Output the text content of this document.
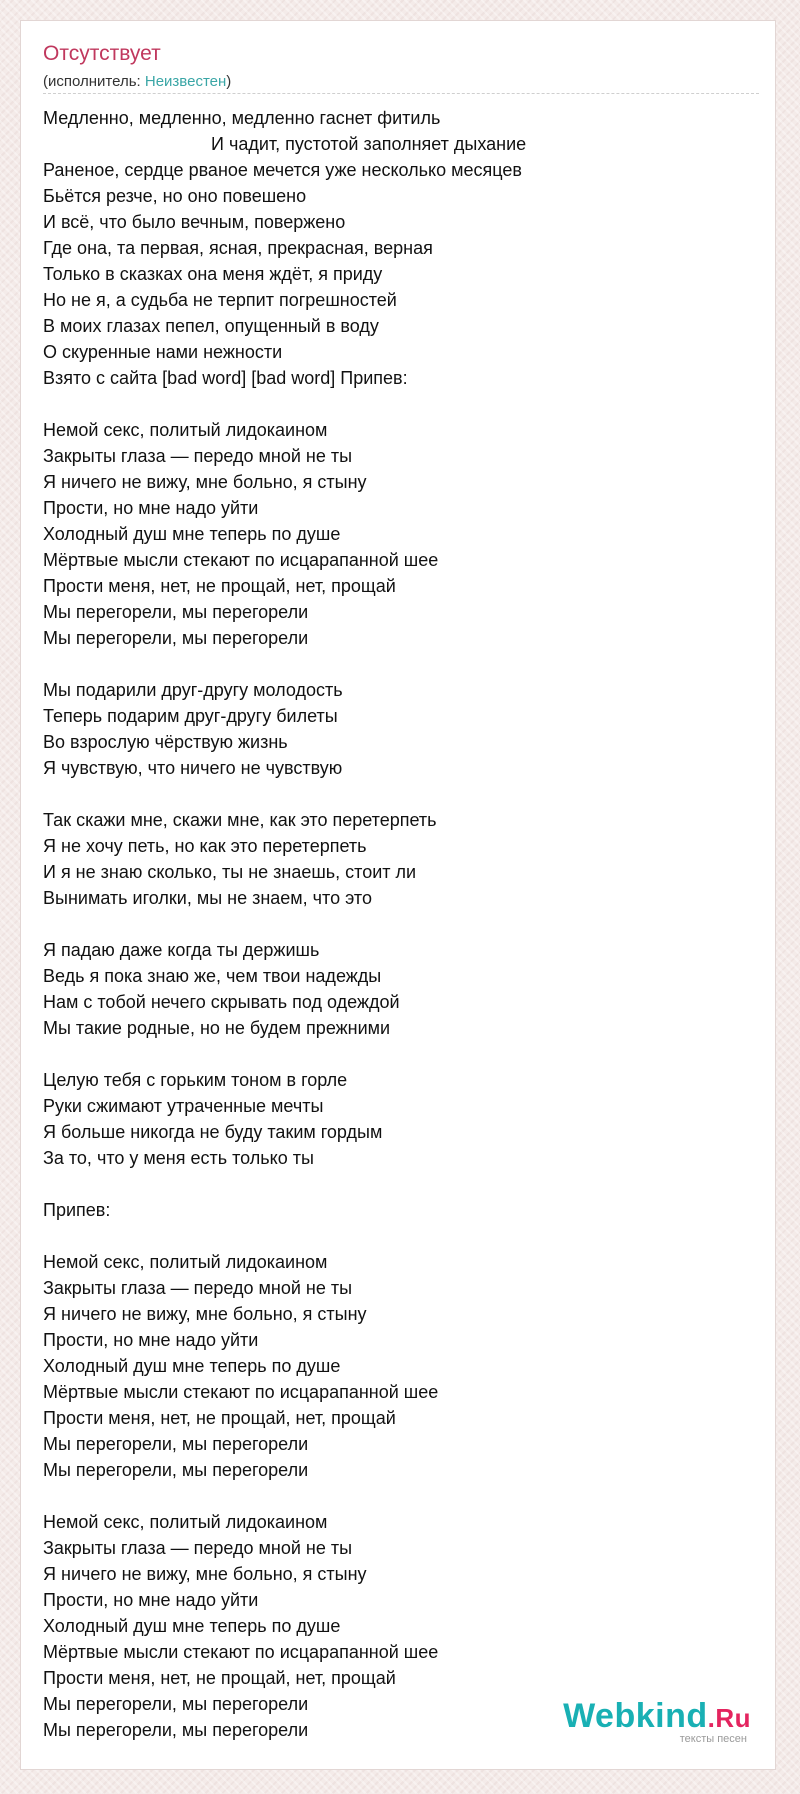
Отсутствует
(исполнитель: Неизвестен)
Медленно, медленно, медленно гаснет фитиль
И чадит, пустотой заполняет дыхание
Раненое, сердце рваное мечется уже несколько месяцев
Бьётся резче, но оно повешено
И всё, что было вечным, повержено
Где она, та первая, ясная, прекрасная, верная
Только в сказках она меня ждёт, я приду
Но не я, а судьба не терпит погрешностей
В моих глазах пепел, опущенный в воду
О скуренные нами нежности
Взято с сайта [bad word] [bad word] Припев:
Немой секс, политый лидокаином
Закрыты глаза — передо мной не ты
Я ничего не вижу, мне больно, я стыну
Прости, но мне надо уйти
Холодный душ мне теперь по душе
Мёртвые мысли стекают по исцарапанной шее
Прости меня, нет, не прощай, нет, прощай
Мы перегорели, мы перегорели
Мы перегорели, мы перегорели
Мы подарили друг-другу молодость
Теперь подарим друг-другу билеты
Во взрослую чёрствую жизнь
Я чувствую, что ничего не чувствую
Так скажи мне, скажи мне, как это перетерпеть
Я не хочу петь, но как это перетерпеть
И я не знаю сколько, ты не знаешь, стоит ли
Вынимать иголки, мы не знаем, что это
Я падаю даже когда ты держишь
Ведь я пока знаю же, чем твои надежды
Нам с тобой нечего скрывать под одеждой
Мы такие родные, но не будем прежними
Целую тебя с горьким тоном в горле
Руки сжимают утраченные мечты
Я больше никогда не буду таким гордым
За то, что у меня есть только ты
Припев:
Немой секс, политый лидокаином
Закрыты глаза — передо мной не ты
Я ничего не вижу, мне больно, я стыну
Прости, но мне надо уйти
Холодный душ мне теперь по душе
Мёртвые мысли стекают по исцарапанной шее
Прости меня, нет, не прощай, нет, прощай
Мы перегорели, мы перегорели
Мы перегорели, мы перегорели
Немой секс, политый лидокаином
Закрыты глаза — передо мной не ты
Я ничего не вижу, мне больно, я стыну
Прости, но мне надо уйти
Холодный душ мне теперь по душе
Мёртвые мысли стекают по исцарапанной шее
Прости меня, нет, не прощай, нет, прощай
Мы перегорели, мы перегорели
Мы перегорели, мы перегорели	Webkind.Ru
тексты песен
